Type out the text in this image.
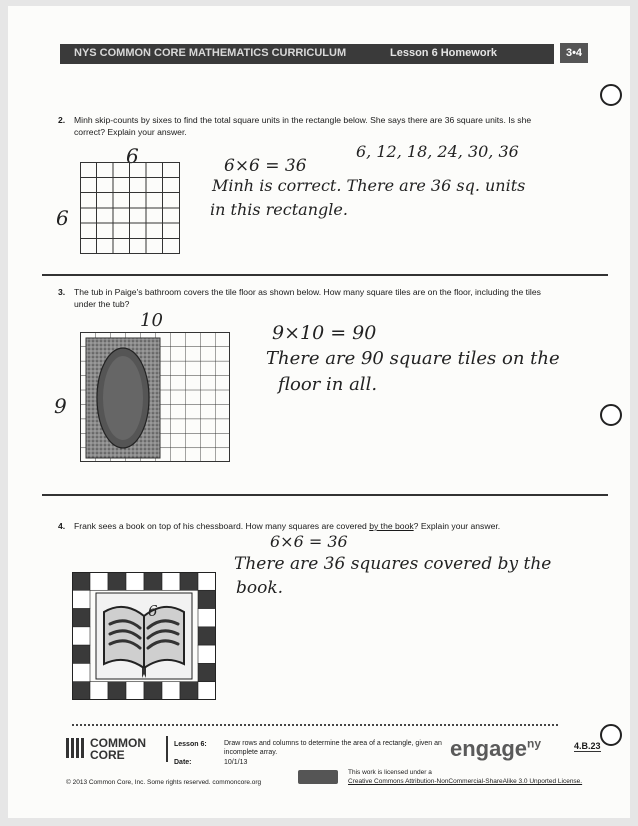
NYS COMMON CORE MATHEMATICS CURRICULUM	Lesson 6 Homework	3•4
2. Minh skip-counts by sixes to find the total square units in the rectangle below. She says there are 36 square units. Is she correct? Explain your answer.
6
6
6×6 = 36
6, 12, 18, 24, 30, 36
Minh is correct. There are 36 sq. units
in this rectangle.
3. The tub in Paige's bathroom covers the tile floor as shown below. How many square tiles are on the floor, including the tiles under the tub?
10
9
9×10 = 90
There are 90 square tiles on the
floor in all.
4. Frank sees a book on top of his chessboard. How many squares are covered by the book? Explain your answer.
6×6 = 36
There are 36 squares covered by the
book.
6
COMMON
CORE
Lesson 6: Draw rows and columns to determine the area of a rectangle, given an incomplete array.
Date:	10/1/13
engage$^{ny}$	4.B.23
© 2013 Common Core, Inc. Some rights reserved. commoncore.org
This work is licensed under a
Creative Commons Attribution-NonCommercial-ShareAlike 3.0 Unported License.
